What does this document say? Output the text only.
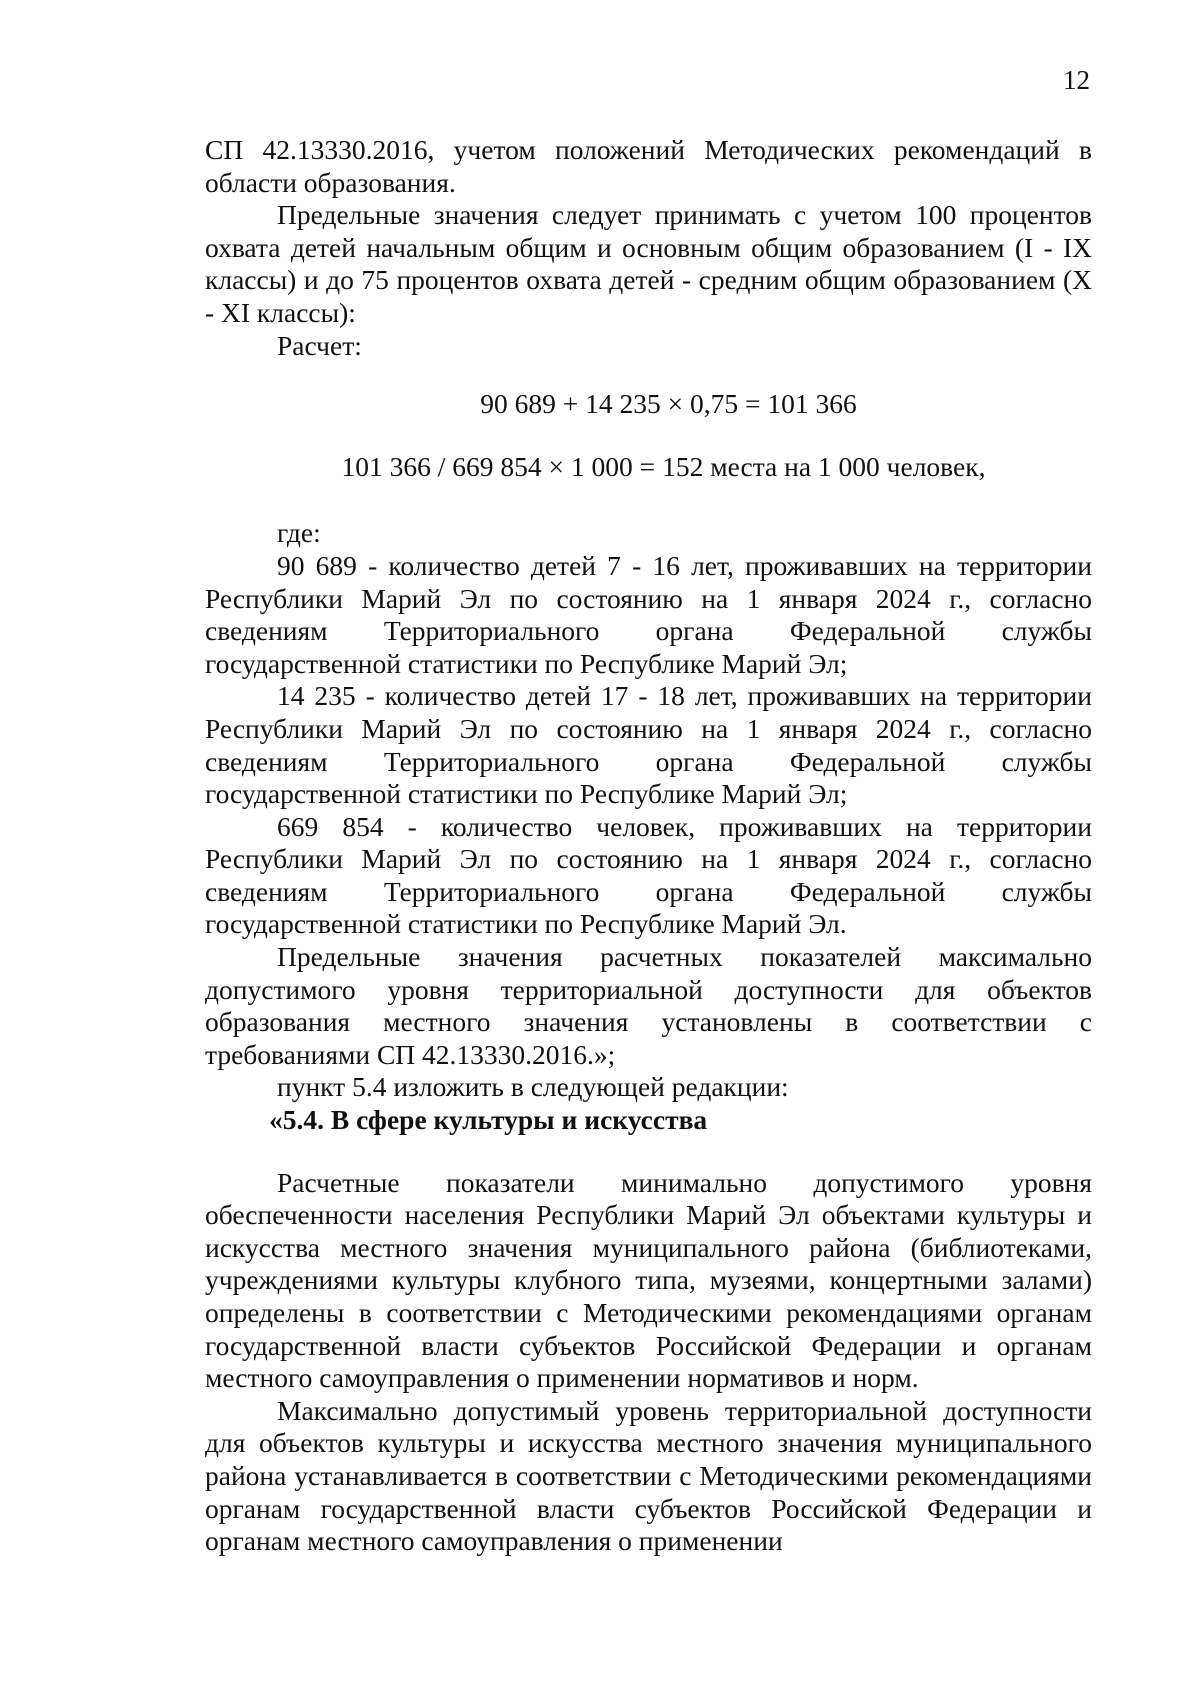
12

СП 42.13330.2016, учетом положений Методических рекомендаций в области образования.

Предельные значения следует принимать с учетом 100 процентов охвата детей начальным общим и основным общим образованием (I - IX классы) и до 75 процентов охвата детей - средним общим образованием (X - XI классы):

Расчет:

90 689 + 14 235 × 0,75 = 101 366

101 366 / 669 854 × 1 000 = 152 места на 1 000 человек,

где:

90 689 - количество детей 7 - 16 лет, проживавших на территории Республики Марий Эл по состоянию на 1 января 2024 г., согласно сведениям Территориального органа Федеральной службы государственной статистики по Республике Марий Эл;

14 235 - количество детей 17 - 18 лет, проживавших на территории Республики Марий Эл по состоянию на 1 января 2024 г., согласно сведениям Территориального органа Федеральной службы государственной статистики по Республике Марий Эл;

669 854 - количество человек, проживавших на территории Республики Марий Эл по состоянию на 1 января 2024 г., согласно сведениям Территориального органа Федеральной службы государственной статистики по Республике Марий Эл.

Предельные значения расчетных показателей максимально допустимого уровня территориальной доступности для объектов образования местного значения установлены в соответствии с требованиями СП 42.13330.2016.»;

пункт 5.4 изложить в следующей редакции:

«5.4. В сфере культуры и искусства

Расчетные показатели минимально допустимого уровня обеспеченности населения Республики Марий Эл объектами культуры и искусства местного значения муниципального района (библиотеками, учреждениями культуры клубного типа, музеями, концертными залами) определены в соответствии с Методическими рекомендациями органам государственной власти субъектов Российской Федерации и органам местного самоуправления о применении нормативов и норм.

Максимально допустимый уровень территориальной доступности для объектов культуры и искусства местного значения муниципального района устанавливается в соответствии с Методическими рекомендациями органам государственной власти субъектов Российской Федерации и органам местного самоуправления о применении
